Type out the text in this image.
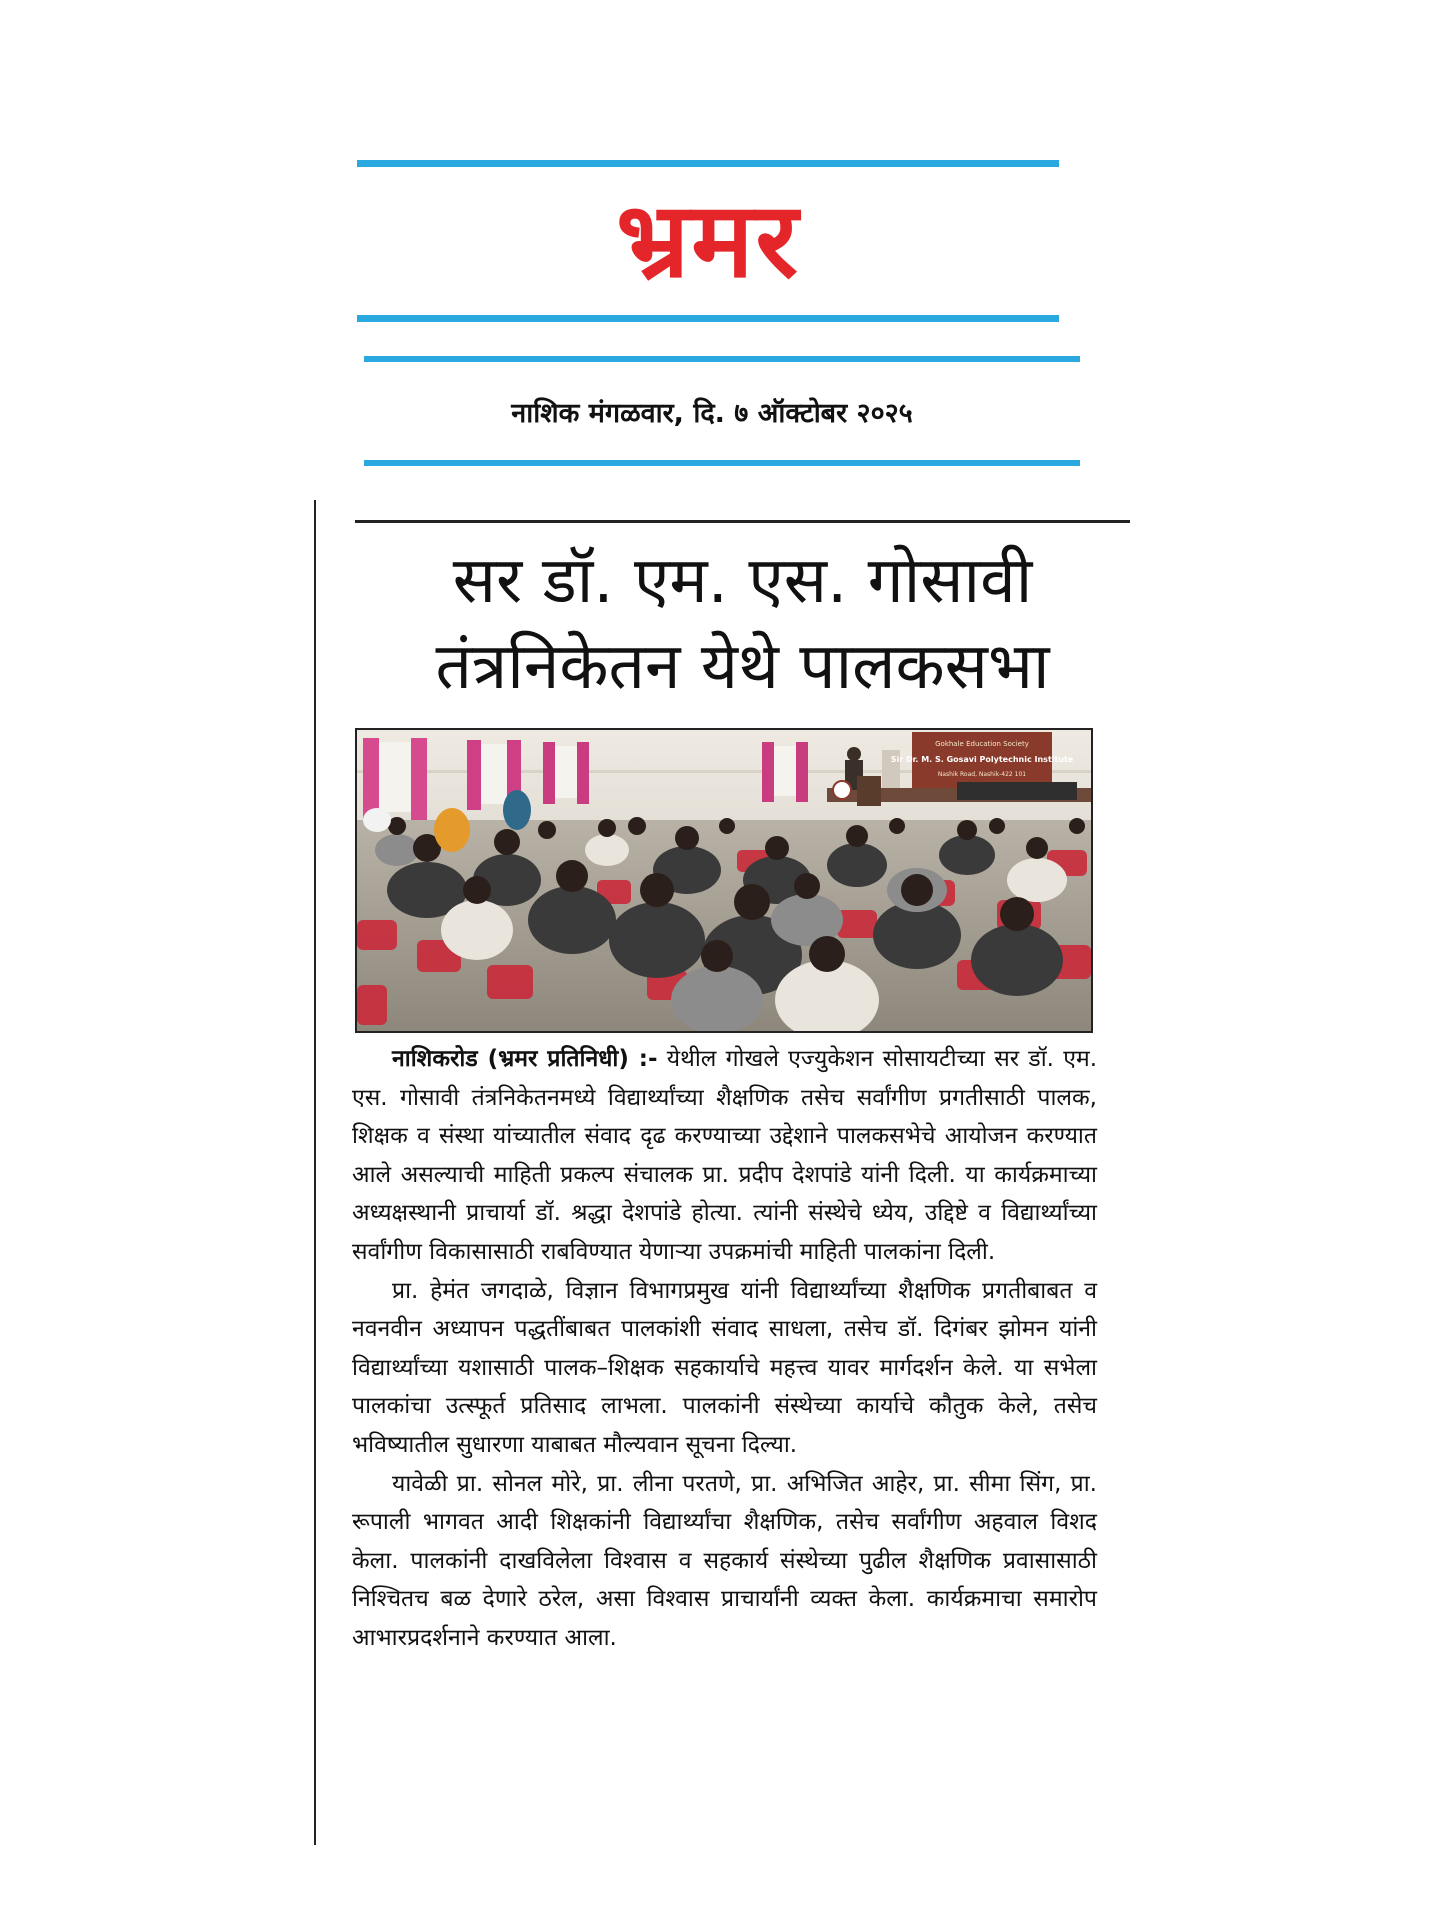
भ्रमर
नाशिक मंगळवार, दि. ७ ऑक्टोबर २०२५
सर डॉ. एम. एस. गोसावी
तंत्रनिकेतन येथे पालकसभा
Gokhale Education Society
Sir Dr. M. S. Gosavi Polytechnic Institute
Nashik Road, Nashik-422 101

नाशिकरोड (भ्रमर प्रतिनिधी) :- येथील गोखले एज्युकेशन सोसायटीच्या सर डॉ. एम. एस. गोसावी तंत्रनिकेतनमध्ये विद्यार्थ्यांच्या शैक्षणिक तसेच सर्वांगीण प्रगतीसाठी पालक, शिक्षक व संस्था यांच्यातील संवाद दृढ करण्याच्या उद्देशाने पालकसभेचे आयोजन करण्यात आले असल्याची माहिती प्रकल्प संचालक प्रा. प्रदीप देशपांडे यांनी दिली. या कार्यक्रमाच्या अध्यक्षस्थानी प्राचार्या डॉ. श्रद्धा देशपांडे होत्या. त्यांनी संस्थेचे ध्येय, उद्दिष्टे व विद्यार्थ्यांच्या सर्वांगीण विकासासाठी राबविण्यात येणाऱ्या उपक्रमांची माहिती पालकांना दिली.

प्रा. हेमंत जगदाळे, विज्ञान विभागप्रमुख यांनी विद्यार्थ्यांच्या शैक्षणिक प्रगतीबाबत व नवनवीन अध्यापन पद्धतींबाबत पालकांशी संवाद साधला, तसेच डॉ. दिगंबर झोमन यांनी विद्यार्थ्यांच्या यशासाठी पालक–शिक्षक सहकार्याचे महत्त्व यावर मार्गदर्शन केले. या सभेला पालकांचा उत्स्फूर्त प्रतिसाद लाभला. पालकांनी संस्थेच्या कार्याचे कौतुक केले, तसेच भविष्यातील सुधारणा याबाबत मौल्यवान सूचना दिल्या.

यावेळी प्रा. सोनल मोरे, प्रा. लीना परतणे, प्रा. अभिजित आहेर, प्रा. सीमा सिंग, प्रा. रूपाली भागवत आदी शिक्षकांनी विद्यार्थ्यांचा शैक्षणिक, तसेच सर्वांगीण अहवाल विशद केला. पालकांनी दाखविलेला विश्वास व सहकार्य संस्थेच्या पुढील शैक्षणिक प्रवासासाठी निश्चितच बळ देणारे ठरेल, असा विश्वास प्राचार्यांनी व्यक्त केला. कार्यक्रमाचा समारोप आभारप्रदर्शनाने करण्यात आला.
